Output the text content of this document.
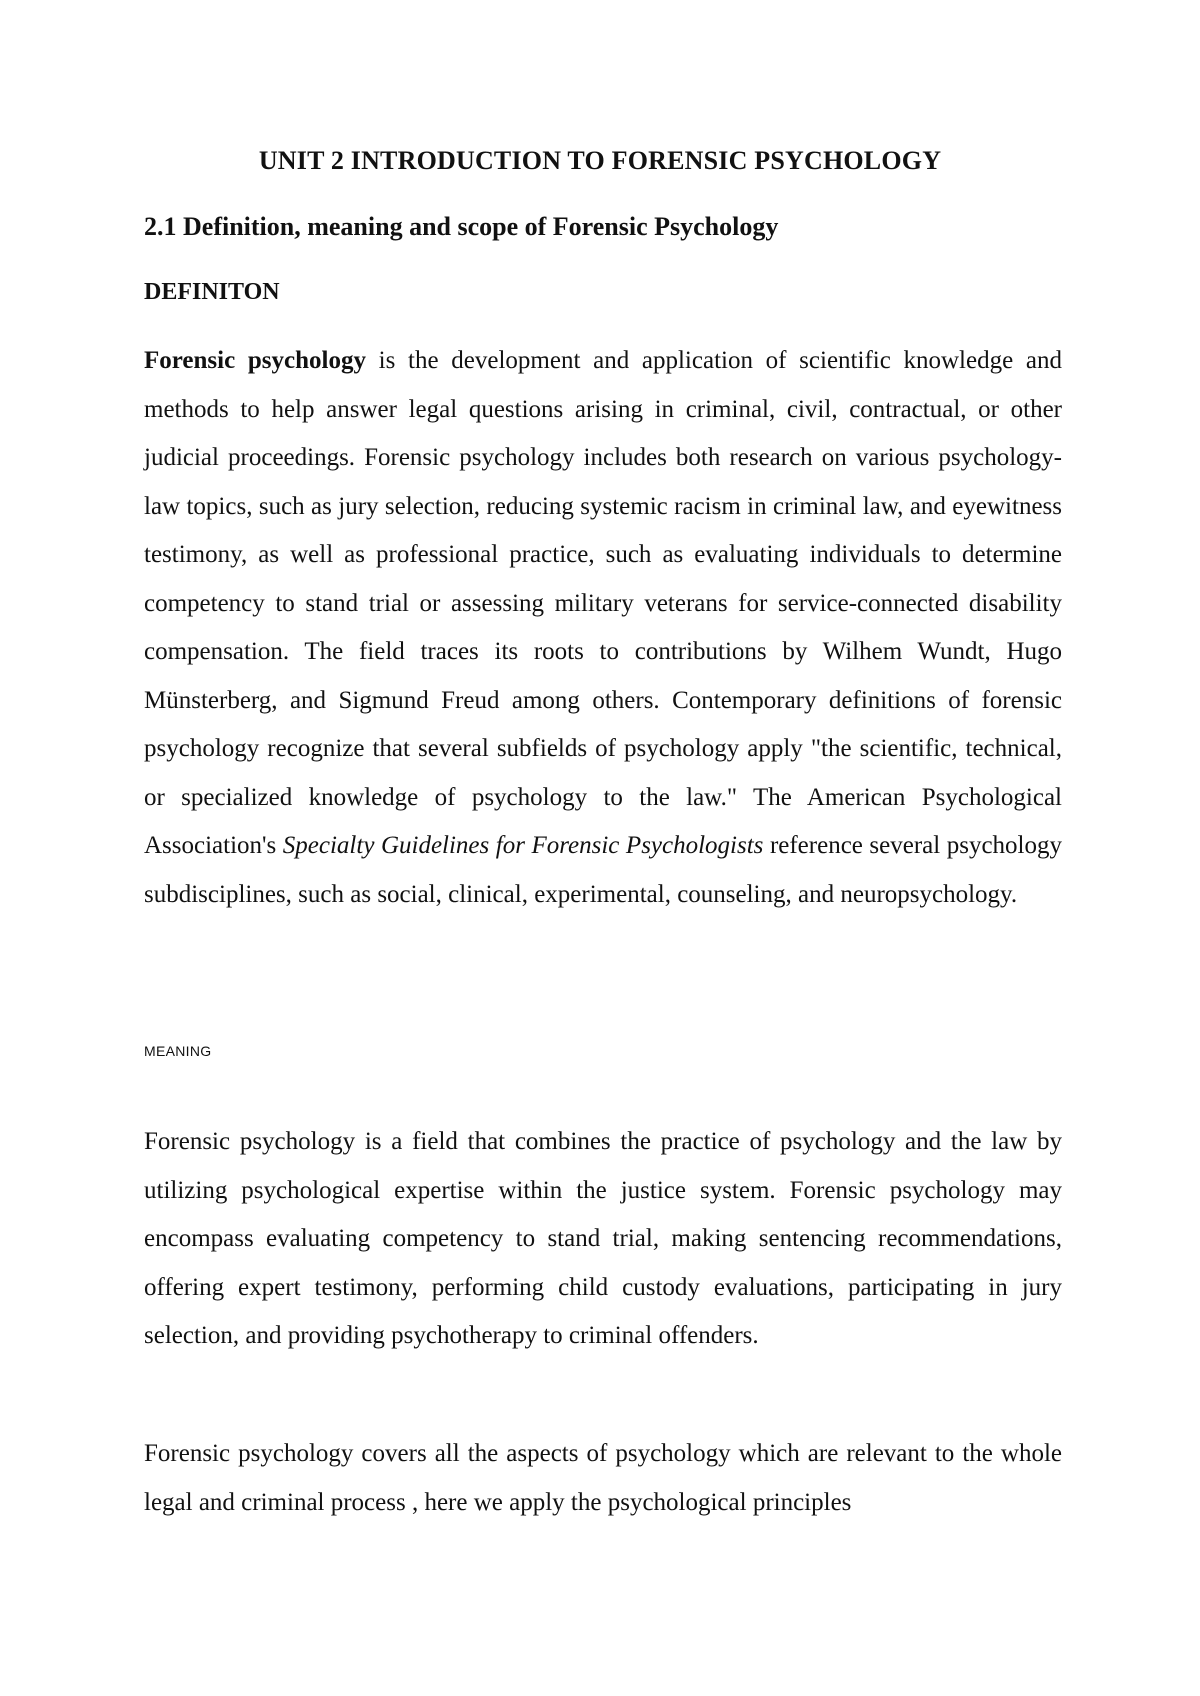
UNIT 2 INTRODUCTION TO FORENSIC PSYCHOLOGY
2.1 Definition, meaning and scope of Forensic Psychology
DEFINITON

Forensic psychology is the development and application of scientific knowledge and methods to help answer legal questions arising in criminal, civil, contractual, or other judicial proceedings. Forensic psychology includes both research on various psychology-law topics, such as jury selection, reducing systemic racism in criminal law, and eyewitness testimony, as well as professional practice, such as evaluating individuals to determine competency to stand trial or assessing military veterans for service-connected disability compensation. The field traces its roots to contributions by Wilhem Wundt, Hugo Münsterberg, and Sigmund Freud among others. Contemporary definitions of forensic psychology recognize that several subfields of psychology apply "the scientific, technical, or specialized knowledge of psychology to the law." The American Psychological Association's Specialty Guidelines for Forensic Psychologists reference several psychology subdisciplines, such as social, clinical, experimental, counseling, and neuropsychology.

MEANING

Forensic psychology is a field that combines the practice of psychology and the law by utilizing psychological expertise within the justice system. Forensic psychology may encompass evaluating competency to stand trial, making sentencing recommendations, offering expert testimony, performing child custody evaluations, participating in jury selection, and providing psychotherapy to criminal offenders.

Forensic psychology covers all the aspects of psychology which are relevant to the whole legal and criminal process , here we apply the psychological principles
